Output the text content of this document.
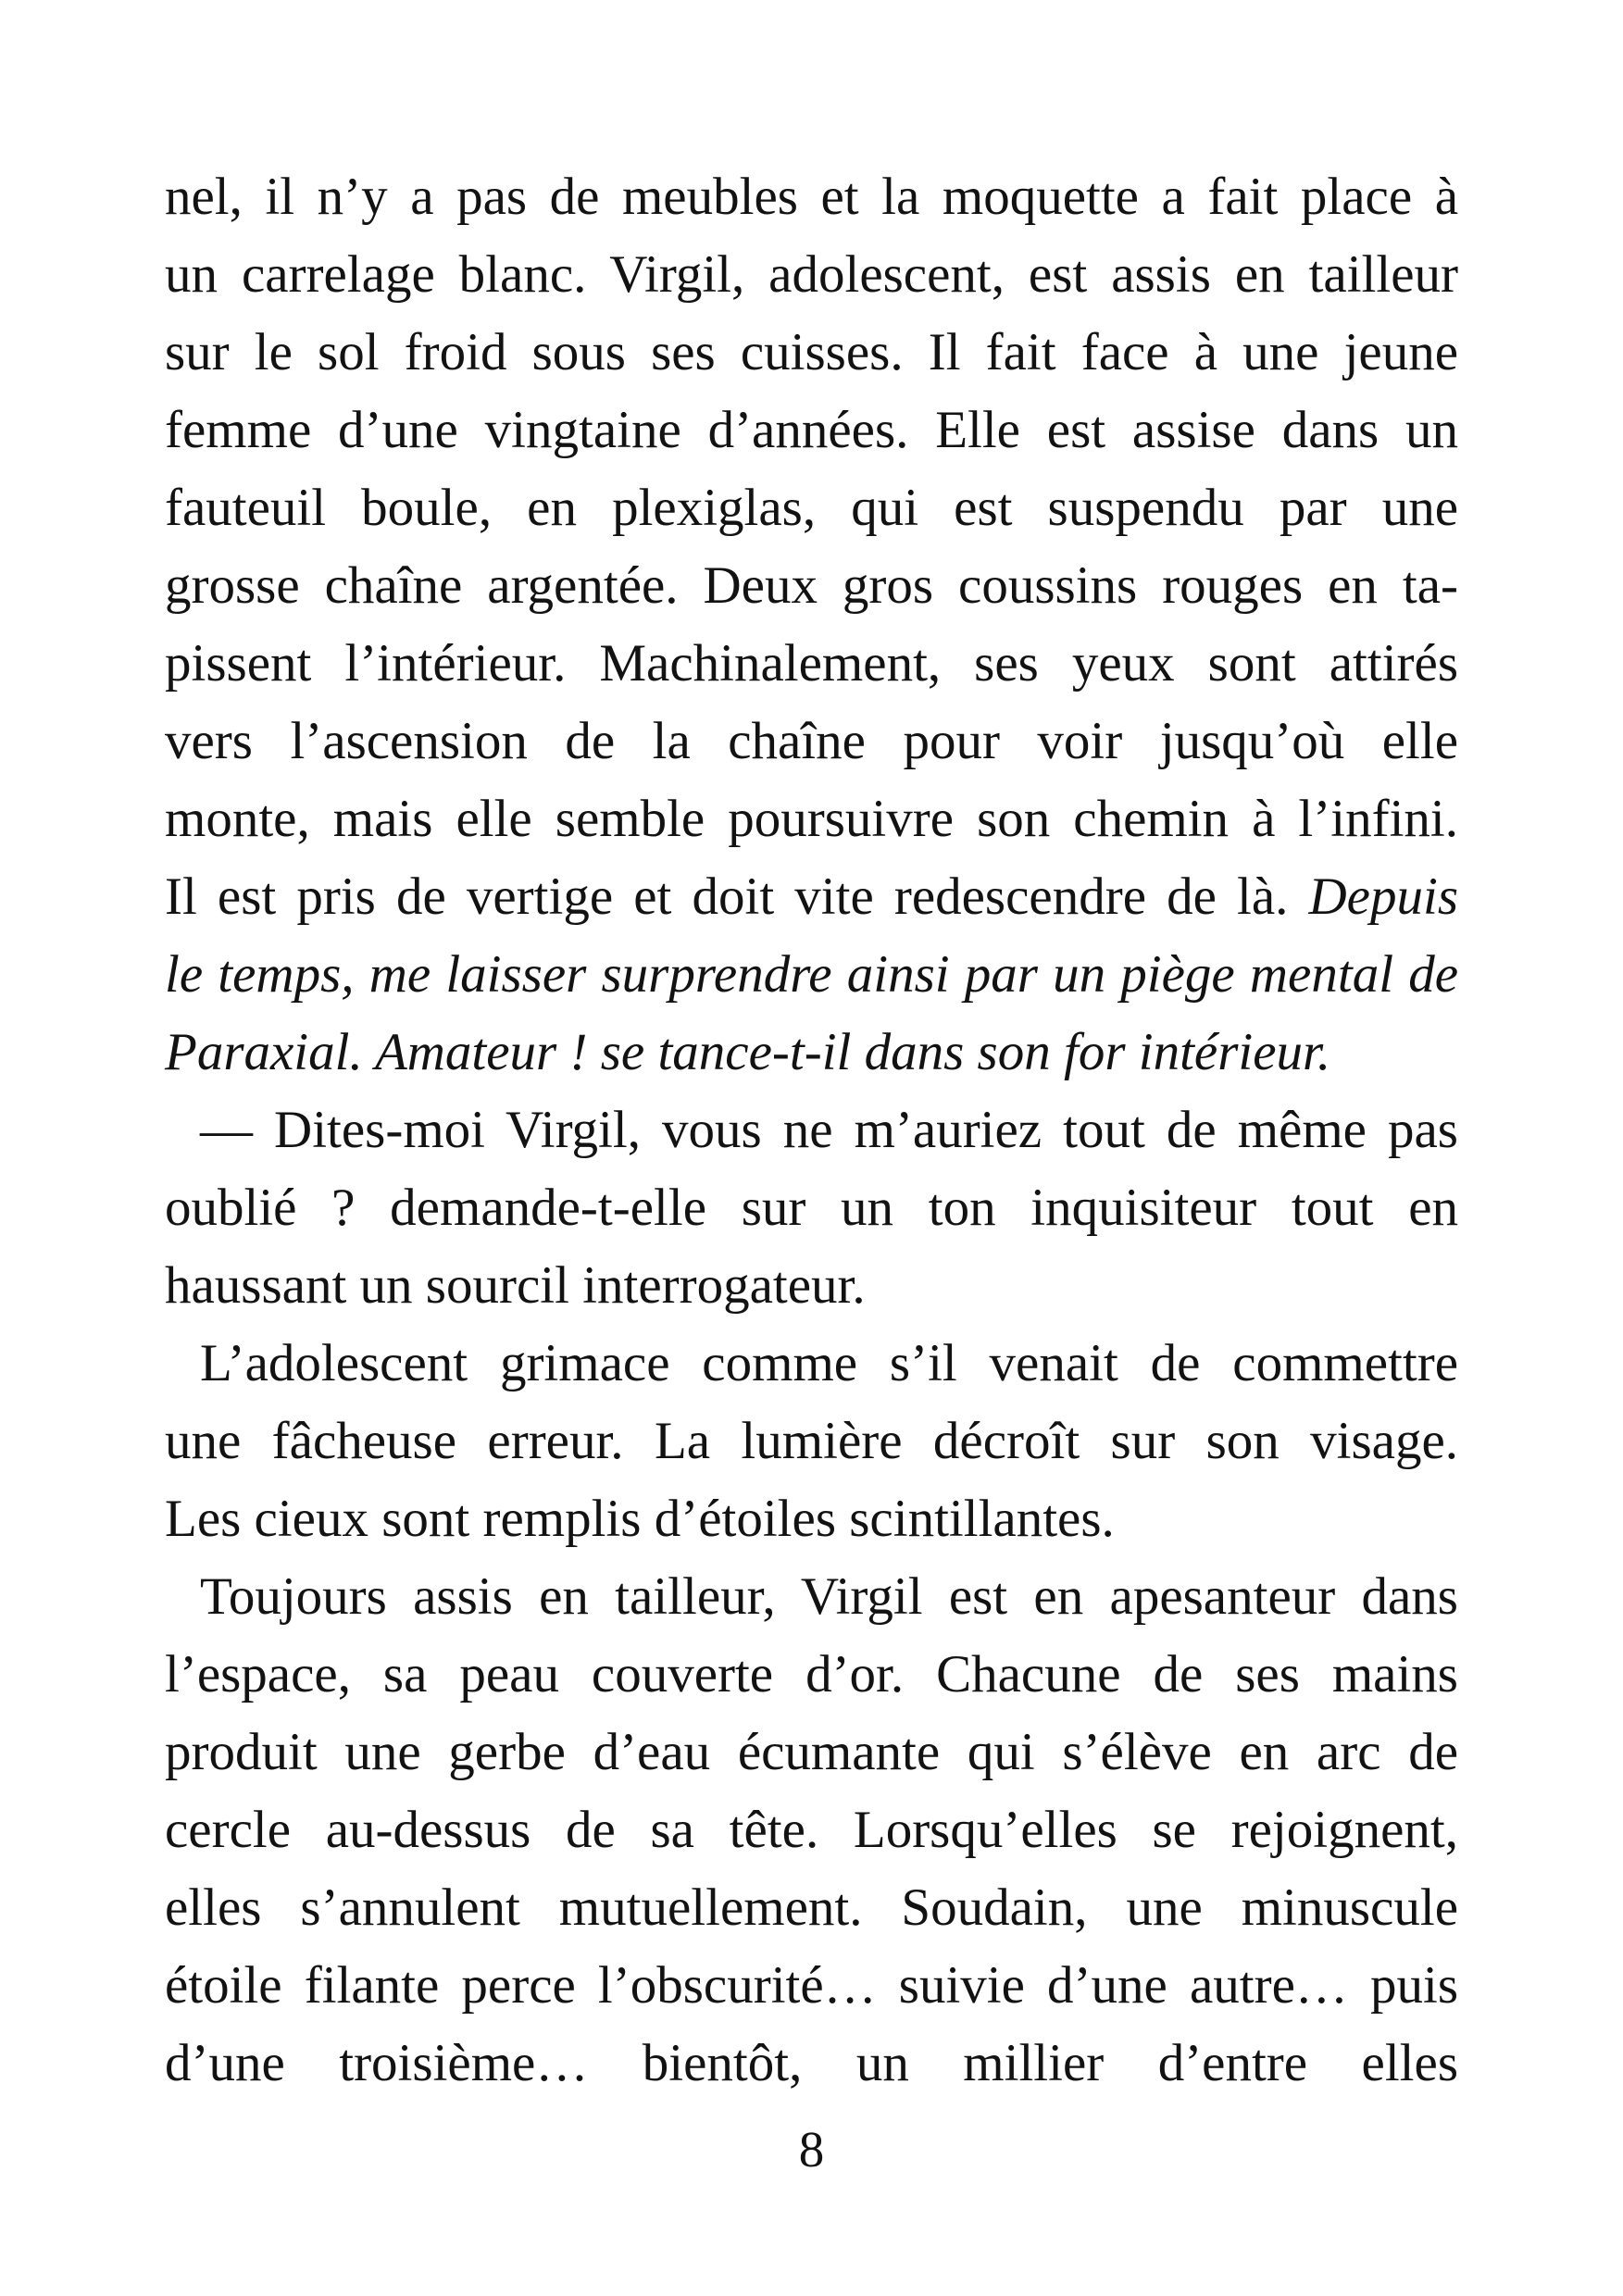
nel, il n’y a pas de meubles et la moquette a fait place à
un carrelage blanc. Virgil, adolescent, est assis en tailleur
sur le sol froid sous ses cuisses. Il fait face à une jeune
femme d’une vingtaine d’années. Elle est assise dans un
fauteuil boule, en plexiglas, qui est suspendu par une
grosse chaîne argentée. Deux gros coussins rouges en ta-
pissent l’intérieur. Machinalement, ses yeux sont attirés
vers l’ascension de la chaîne pour voir jusqu’où elle
monte, mais elle semble poursuivre son chemin à l’infini.
Il est pris de vertige et doit vite redescendre de là. Depuis
le temps, me laisser surprendre ainsi par un piège mental de
Paraxial. Amateur ! se tance-t-il dans son for intérieur.
— Dites-moi Virgil, vous ne m’auriez tout de même pas
oublié ? demande-t-elle sur un ton inquisiteur tout en
haussant un sourcil interrogateur.
L’adolescent grimace comme s’il venait de commettre
une fâcheuse erreur. La lumière décroît sur son visage.
Les cieux sont remplis d’étoiles scintillantes.
Toujours assis en tailleur, Virgil est en apesanteur dans
l’espace, sa peau couverte d’or. Chacune de ses mains
produit une gerbe d’eau écumante qui s’élève en arc de
cercle au-dessus de sa tête. Lorsqu’elles se rejoignent,
elles s’annulent mutuellement. Soudain, une minuscule
étoile filante perce l’obscurité… suivie d’une autre… puis
d’une troisième… bientôt, un millier d’entre elles
8
